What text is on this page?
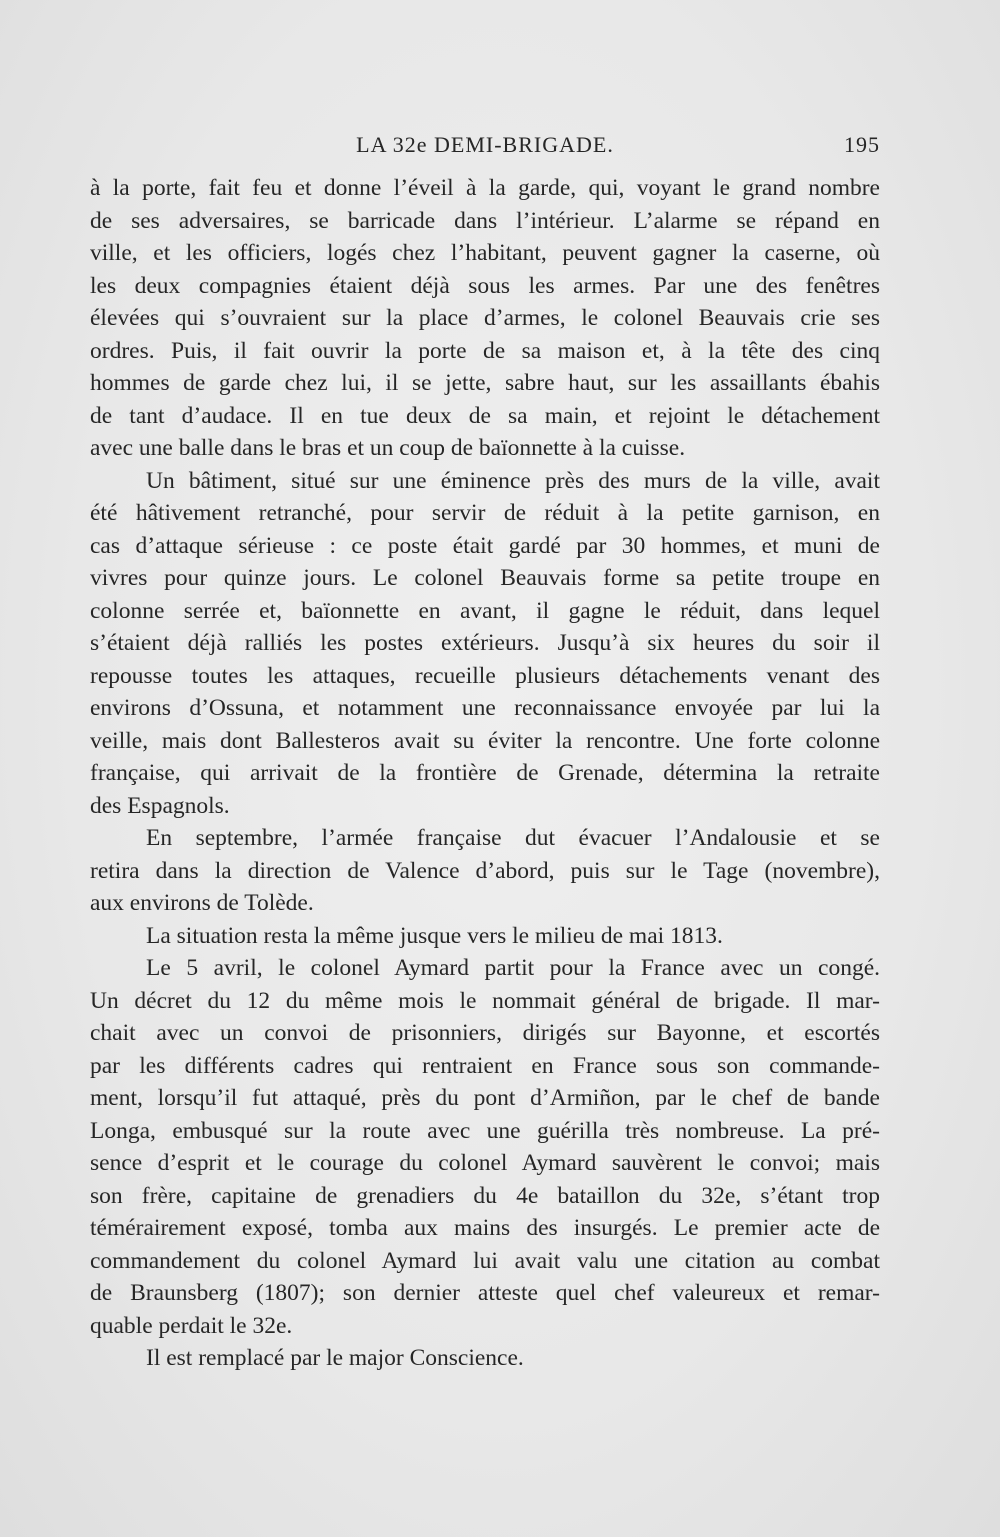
LA 32e DEMI-BRIGADE.	195
à la porte, fait feu et donne l’éveil à la garde, qui, voyant le grand nombre
de ses adversaires, se barricade dans l’intérieur. L’alarme se répand en
ville, et les officiers, logés chez l’habitant, peuvent gagner la caserne, où
les deux compagnies étaient déjà sous les armes. Par une des fenêtres
élevées qui s’ouvraient sur la place d’armes, le colonel Beauvais crie ses
ordres. Puis, il fait ouvrir la porte de sa maison et, à la tête des cinq
hommes de garde chez lui, il se jette, sabre haut, sur les assaillants ébahis
de tant d’audace. Il en tue deux de sa main, et rejoint le détachement
avec une balle dans le bras et un coup de baïonnette à la cuisse.
Un bâtiment, situé sur une éminence près des murs de la ville, avait
été hâtivement retranché, pour servir de réduit à la petite garnison, en
cas d’attaque sérieuse : ce poste était gardé par 30 hommes, et muni de
vivres pour quinze jours. Le colonel Beauvais forme sa petite troupe en
colonne serrée et, baïonnette en avant, il gagne le réduit, dans lequel
s’étaient déjà ralliés les postes extérieurs. Jusqu’à six heures du soir il
repousse toutes les attaques, recueille plusieurs détachements venant des
environs d’Ossuna, et notamment une reconnaissance envoyée par lui la
veille, mais dont Ballesteros avait su éviter la rencontre. Une forte colonne
française, qui arrivait de la frontière de Grenade, détermina la retraite
des Espagnols.
En septembre, l’armée française dut évacuer l’Andalousie et se
retira dans la direction de Valence d’abord, puis sur le Tage (novembre),
aux environs de Tolède.
La situation resta la même jusque vers le milieu de mai 1813.
Le 5 avril, le colonel Aymard partit pour la France avec un congé.
Un décret du 12 du même mois le nommait général de brigade. Il mar-
chait avec un convoi de prisonniers, dirigés sur Bayonne, et escortés
par les différents cadres qui rentraient en France sous son commande-
ment, lorsqu’il fut attaqué, près du pont d’Armiñon, par le chef de bande
Longa, embusqué sur la route avec une guérilla très nombreuse. La pré-
sence d’esprit et le courage du colonel Aymard sauvèrent le convoi; mais
son frère, capitaine de grenadiers du 4e bataillon du 32e, s’étant trop
témérairement exposé, tomba aux mains des insurgés. Le premier acte de
commandement du colonel Aymard lui avait valu une citation au combat
de Braunsberg (1807); son dernier atteste quel chef valeureux et remar-
quable perdait le 32e.
Il est remplacé par le major Conscience.
